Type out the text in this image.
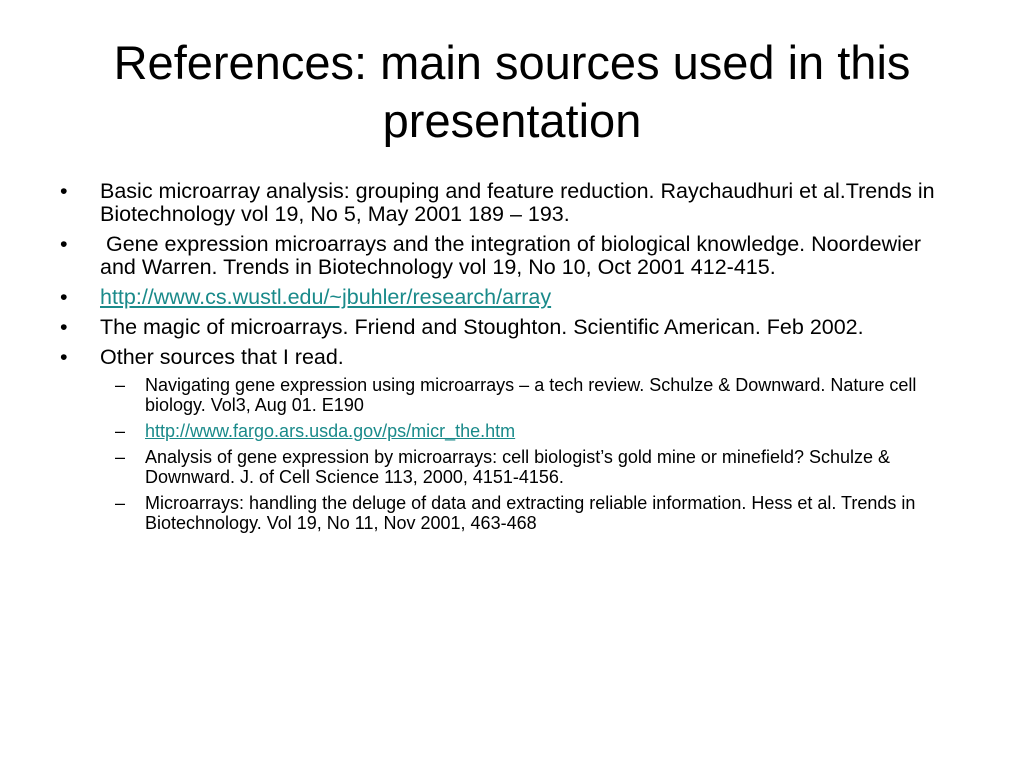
References: main sources used in this presentation
•	Basic microarray analysis: grouping and feature reduction. Raychaudhuri et al.Trends in Biotechnology vol 19, No 5, May 2001 189 – 193.
•	Gene expression microarrays and the integration of biological knowledge. Noordewier and Warren. Trends in Biotechnology vol 19, No 10, Oct 2001 412-415.
•	http://www.cs.wustl.edu/~jbuhler/research/array
•	The magic of microarrays. Friend and Stoughton. Scientific American. Feb 2002.
•	Other sources that I read.
– Navigating gene expression using microarrays – a tech review. Schulze & Downward. Nature cell biology. Vol3, Aug 01. E190
– http://www.fargo.ars.usda.gov/ps/micr_the.htm
– Analysis of gene expression by microarrays: cell biologist’s gold mine or minefield? Schulze & Downward. J. of Cell Science 113, 2000, 4151-4156.
– Microarrays: handling the deluge of data and extracting reliable information. Hess et al. Trends in Biotechnology. Vol 19, No 11, Nov 2001, 463-468
